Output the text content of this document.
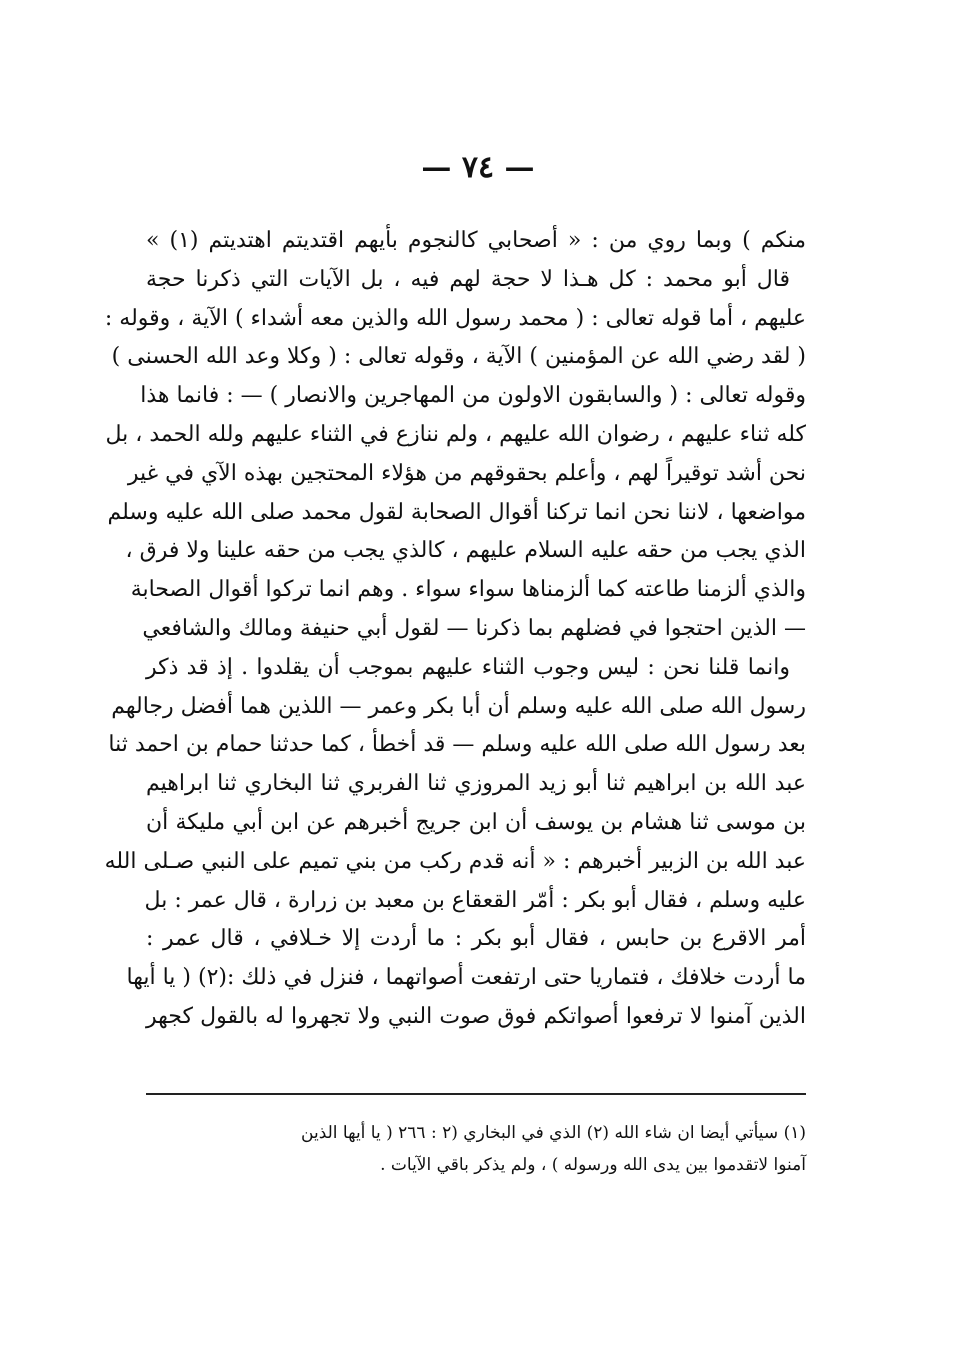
— ٧٤ —
منكم ) وبما روي من : « أصحابي كالنجوم بأيهم اقتديتم اهتديتم (١) »
قال أبو محمد : كل هـذا لا حجة لهم فيه ، بل الآيات التي ذكرنا حجة
عليهم ، أما قوله تعالى : ( محمد رسول الله والذين معه أشداء ) الآية ، وقوله :
( لقد رضي الله عن المؤمنين ) الآية ، وقوله تعالى : ( وكلا وعد الله الحسنى )
وقوله تعالى : ( والسابقون الاولون من المهاجرين والانصار ) — : فانما هذا
كله ثناء عليهم ، رضوان الله عليهم ، ولم ننازع في الثناء عليهم ولله الحمد ، بل
نحن أشد توقيراً لهم ، وأعلم بحقوقهم من هؤلاء المحتجين بهذه الآي في غير
مواضعها ، لاننا نحن انما تركنا أقوال الصحابة لقول محمد صلى الله عليه وسلم
الذي يجب من حقه عليه السلام عليهم ، كالذي يجب من حقه علينا ولا فرق ،
والذي ألزمنا طاعته كما ألزمناها سواء سواء . وهم انما تركوا أقوال الصحابة
— الذين احتجوا في فضلهم بما ذكرنا — لقول أبي حنيفة ومالك والشافعي
وانما قلنا نحن : ليس وجوب الثناء عليهم بموجب أن يقلدوا . إذ قد ذكر
رسول الله صلى الله عليه وسلم أن أبا بكر وعمر — اللذين هما أفضل رجالهم
بعد رسول الله صلى الله عليه وسلم — قد أخطأ ، كما حدثنا حمام بن احمد ثنا
عبد الله بن ابراهيم ثنا أبو زيد المروزي ثنا الفربري ثنا البخاري ثنا ابراهيم
بن موسى ثنا هشام بن يوسف أن ابن جريج أخبرهم عن ابن أبي مليكة أن
عبد الله بن الزبير أخبرهم : « أنه قدم ركب من بني تميم على النبي صـلى الله
عليه وسلم ، فقال أبو بكر : أمّر القعقاع بن معبد بن زرارة ، قال عمر : بل
أمر الاقرع بن حابس ، فقال أبو بكر : ما أردت إلا خـلافي ، قال عمر :
ما أردت خلافك ، فتماريا حتى ارتفعت أصواتهما ، فنزل في ذلك :(٢) ( يا أيها
الذين آمنوا لا ترفعوا أصواتكم فوق صوت النبي ولا تجهروا له بالقول كجهر
(١) سيأتي أيضا ان شاء الله (٢) الذي في البخاري (٢ : ٢٦٦ ( يا أيها الذين
آمنوا لاتقدموا بين يدى الله ورسوله ) ، ولم يذكر باقي الآيات .
